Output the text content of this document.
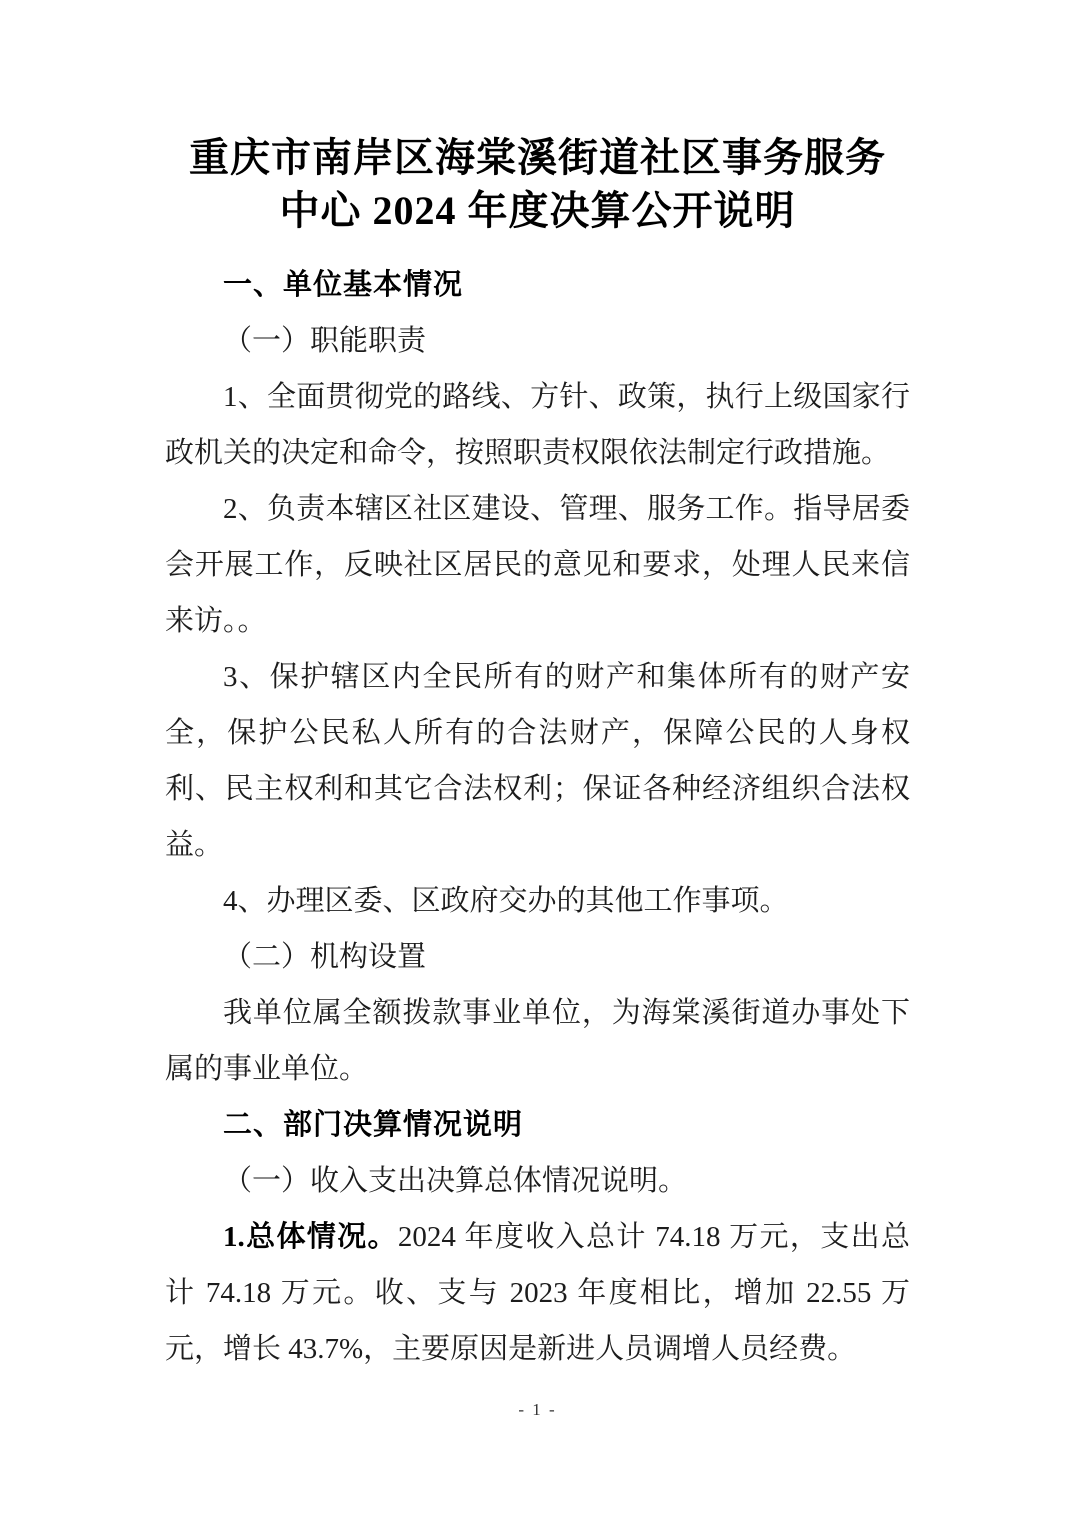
重庆市南岸区海棠溪街道社区事务服务
中心 2024 年度决算公开说明
一、单位基本情况
（一）职能职责
1、全面贯彻党的路线、方针、政策，执行上级国家行政机关的决定和命令，按照职责权限依法制定行政措施。
2、负责本辖区社区建设、管理、服务工作。指导居委会开展工作，反映社区居民的意见和要求，处理人民来信来访。。
3、保护辖区内全民所有的财产和集体所有的财产安全，保护公民私人所有的合法财产，保障公民的人身权利、民主权利和其它合法权利；保证各种经济组织合法权益。
4、办理区委、区政府交办的其他工作事项。
（二）机构设置
我单位属全额拨款事业单位，为海棠溪街道办事处下属的事业单位。
二、部门决算情况说明
（一）收入支出决算总体情况说明。
1.总体情况。2024 年度收入总计 74.18 万元，支出总计 74.18 万元。收、支与 2023 年度相比，增加 22.55 万元，增长 43.7%，主要原因是新进人员调增人员经费。
- 1 -
